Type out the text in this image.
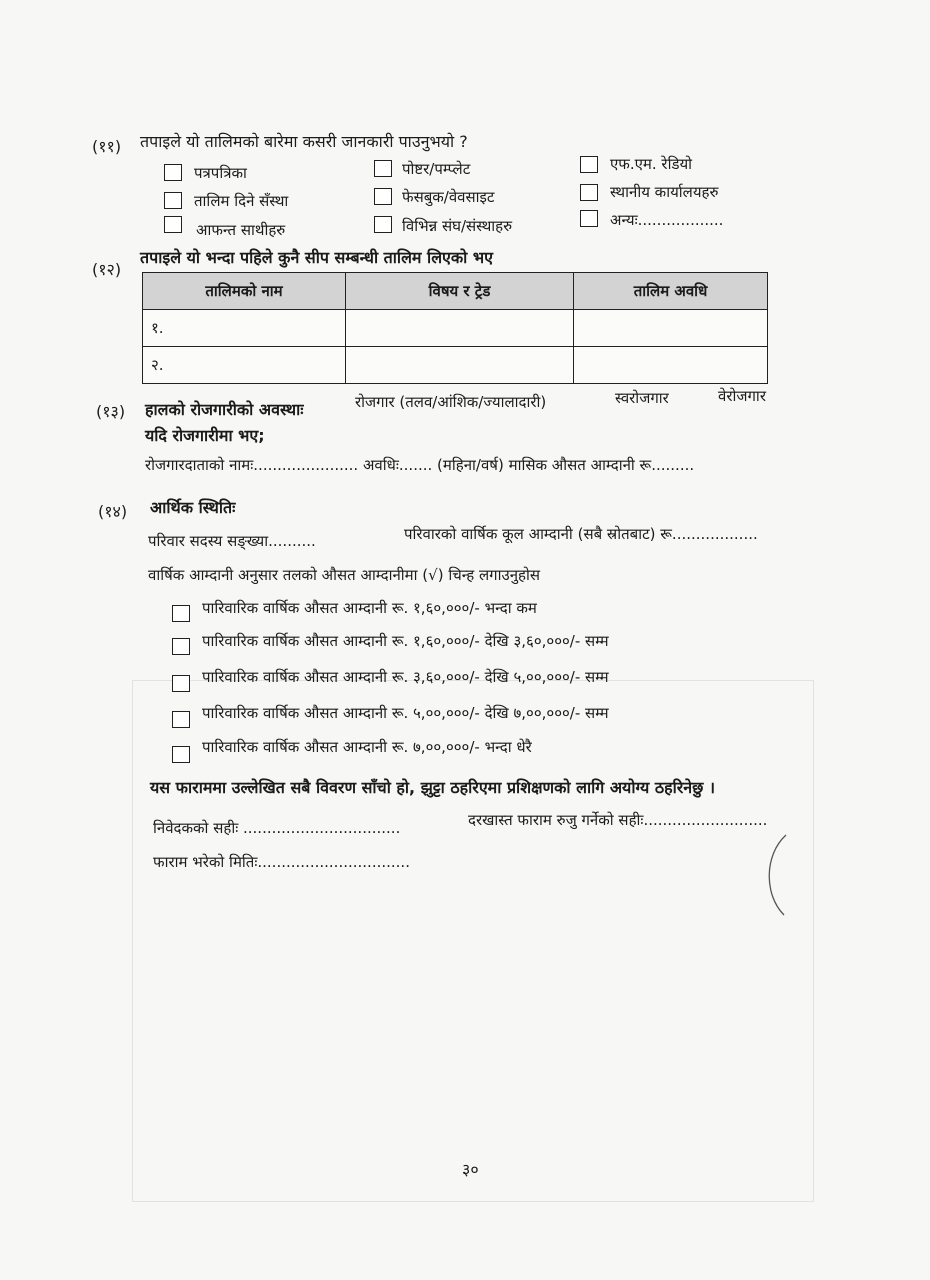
(११) तपाइले यो तालिमको बारेमा कसरी जानकारी पाउनुभयो ?
पत्रपत्रिका	पोष्टर/पम्प्लेट	एफ.एम. रेडियो
तालिम दिने सँस्था	फेसबुक/वेवसाइट	स्थानीय कार्यालयहरु
आफन्त साथीहरु	विभिन्न संघ/संस्थाहरु	अन्यः..................
(१२)
तपाइले यो भन्दा पहिले कुनै सीप सम्बन्धी तालिम लिएको भए
तालिमको नाम	विषय र ट्रेड	तालिम अवधि
१.		
२.		
(१३) हालको रोजगारीको अवस्थाः	रोजगार (तलव/आंशिक/ज्यालादारी)	स्वरोजगार	वेरोजगार
यदि रोजगारीमा भए;
रोजगारदाताको नामः...................... अवधिः....... (महिना/वर्ष) मासिक औसत आम्दानी रू.........
(१४) आर्थिक स्थितिः
परिवार सदस्य सङ्ख्या..........	परिवारको वार्षिक कूल आम्दानी (सबै स्रोतबाट) रू..................
वार्षिक आम्दानी अनुसार तलको औसत आम्दानीमा (√) चिन्ह लगाउनुहोस
पारिवारिक वार्षिक औसत आम्दानी रू. १,६०,०००/- भन्दा कम
पारिवारिक वार्षिक औसत आम्दानी रू. १,६०,०००/- देखि ३,६०,०००/- सम्म
पारिवारिक वार्षिक औसत आम्दानी रू. ३,६०,०००/- देखि ५,००,०००/- सम्म
पारिवारिक वार्षिक औसत आम्दानी रू. ५,००,०००/- देखि ७,००,०००/- सम्म
पारिवारिक वार्षिक औसत आम्दानी रू. ७,००,०००/- भन्दा धेरै
यस फाराममा उल्लेखित सबै विवरण साँचो हो, झुट्टा ठहरिएमा प्रशिक्षणको लागि अयोग्य ठहरिनेछु ।
निवेदकको सहीः .................................	दरखास्त फाराम रुजु गर्नेको सहीः..........................
फाराम भरेको मितिः................................
३०
